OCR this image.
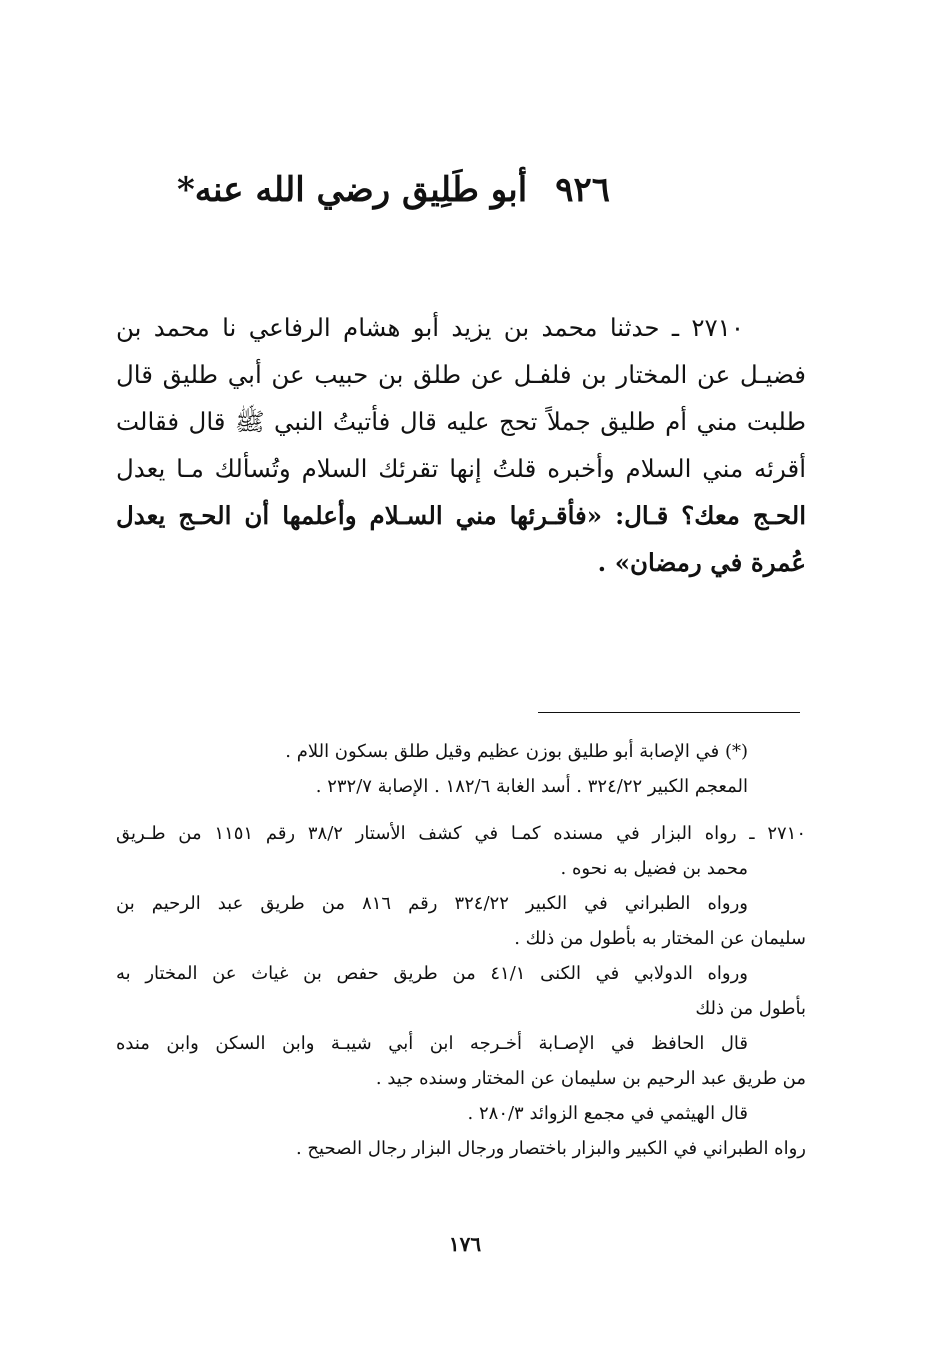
٩٢٦أبو طَلِيق رضي الله عنه*
٢٧١٠ ـ حدثنا محمد بن يزيد أبو هشام الرفاعي نا محمد بن
فضيـل عن المختار بن فلفـل عن طلق بن حبيب عن أبي طليق قال
طلبت مني أم طليق جملاً تحج عليه قال فأتيتُ النبي ﷺ قال فقالت
أقرئه مني السلام وأخبره قلتُ إنها تقرئك السلام وتُسألك مـا يعدل
الحـج معك؟ قـال: «فأقـرئها مني السـلام وأعلمها أن الحـج يعدل
عُمرة في رمضان» .
(*) في الإصابة أبو طليق بوزن عظيم وقيل طلق بسكون اللام .
المعجم الكبير ٣٢٤/٢٢ . أسد الغابة ١٨٢/٦ . الإصابة ٢٣٢/٧ .
٢٧١٠ ـ رواه البزار في مسنده كمـا في كشف الأستار ٣٨/٢ رقم ١١٥١ من طـريق
محمد بن فضيل به نحوه .
ورواه الطبراني في الكبير ٣٢٤/٢٢ رقم ٨١٦ من طريق عبد الرحيم بن
سليمان عن المختار به بأطول من ذلك .
ورواه الدولابي في الكنى ٤١/١ من طريق حفص بن غياث عن المختار به
بأطول من ذلك
قال الحافظ في الإصـابة أخـرجه ابن أبي شيبـة وابن السكن وابن منده
من طريق عبد الرحيم بن سليمان عن المختار وسنده جيد .
قال الهيثمي في مجمع الزوائد ٢٨٠/٣ .
رواه الطبراني في الكبير والبزار باختصار ورجال البزار رجال الصحيح .
١٧٦
